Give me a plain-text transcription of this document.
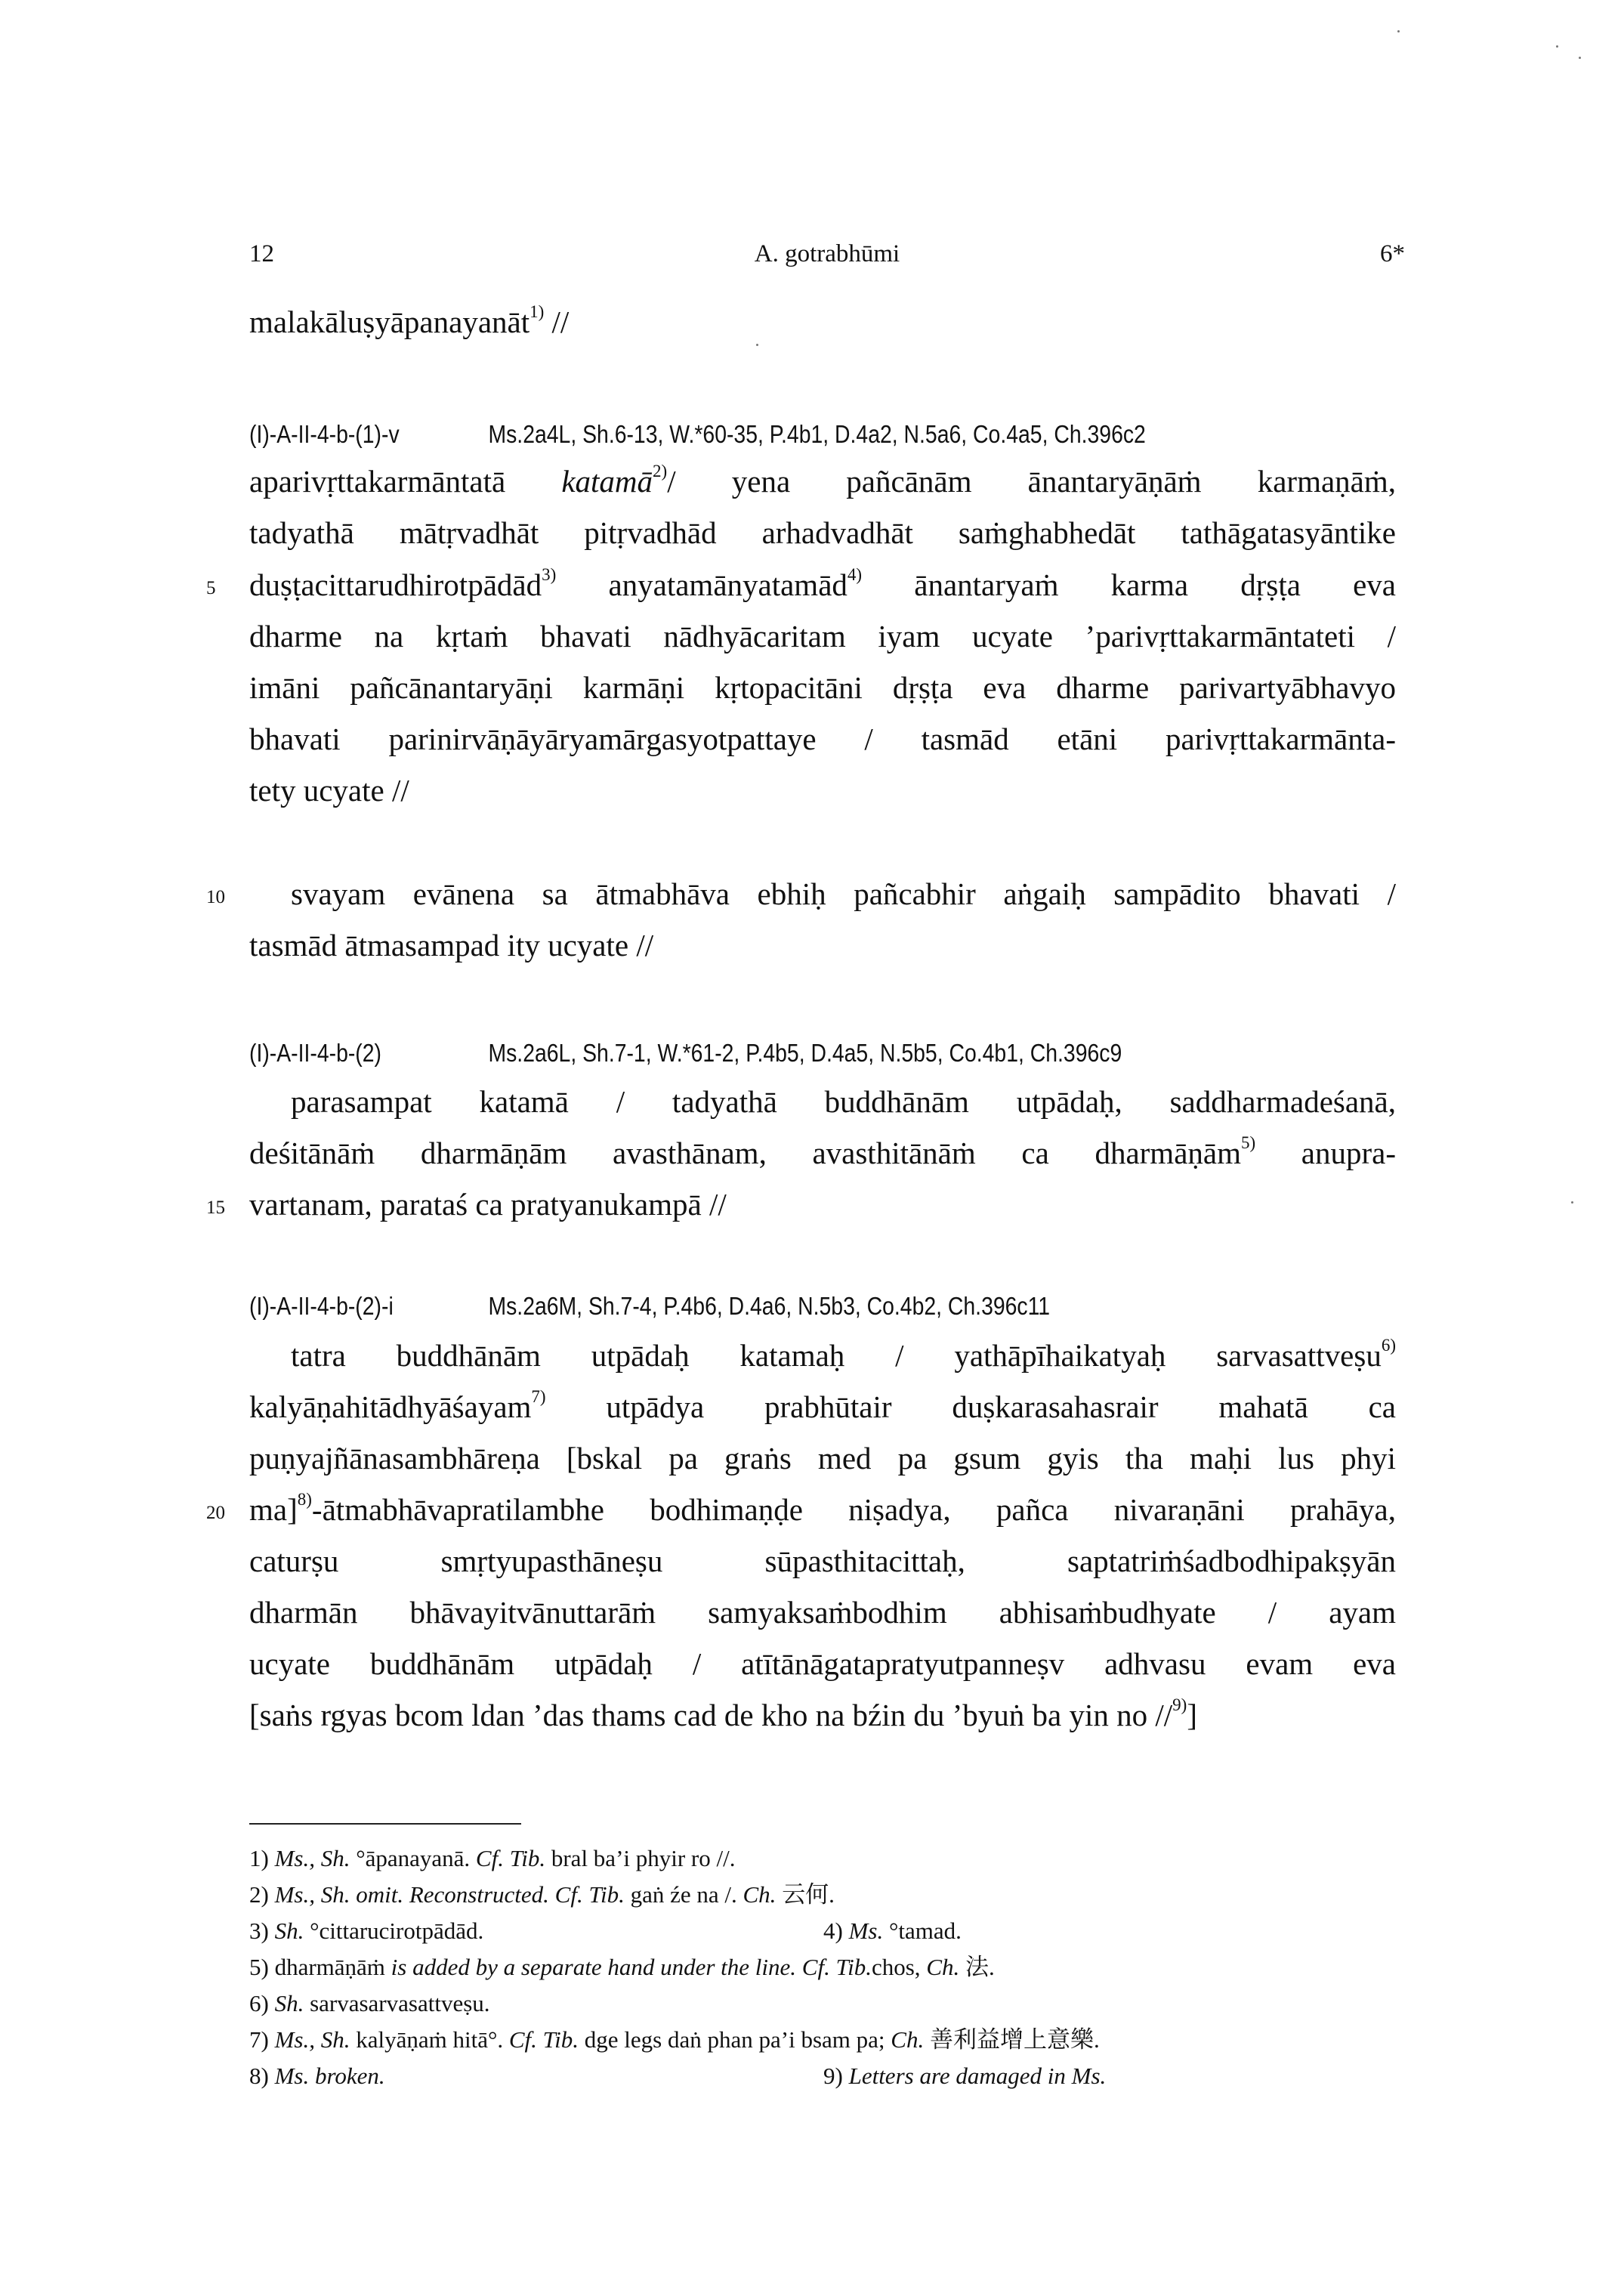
12	A. gotrabhūmi	6*
malakāluṣyāpanayanāt$^{1)}$ //
(I)-A-II-4-b-(1)-v	Ms.2a4L, Sh.6-13, W.*60-35, P.4b1, D.4a2, N.5a6, Co.4a5, Ch.396c2
aparivṛttakarmāntatā katamā$^{2)}$/ yena pañcānām ānantaryāṇāṁ karmaṇāṁ,
tadyathā mātṛvadhāt pitṛvadhād arhadvadhāt saṁghabhedāt tathāgatasyāntike
5 duṣṭacittarudhirotpādād$^{3)}$ anyatamānyatamād$^{4)}$ ānantaryaṁ karma dṛṣṭa eva
dharme na kṛtaṁ bhavati nādhyācaritam iyam ucyate ’parivṛttakarmāntateti /
imāni pañcānantaryāṇi karmāṇi kṛtopacitāni dṛṣṭa eva dharme parivartyābhavyo
bhavati parinirvāṇāyāryamārgasyotpattaye / tasmād etāni parivṛttakarmānta-
tety ucyate //
10 svayam evānena sa ātmabhāva ebhiḥ pañcabhir aṅgaiḥ sampādito bhavati /
tasmād ātmasampad ity ucyate //
(I)-A-II-4-b-(2)	Ms.2a6L, Sh.7-1, W.*61-2, P.4b5, D.4a5, N.5b5, Co.4b1, Ch.396c9
parasampat katamā / tadyathā buddhānām utpādaḥ, saddharmadeśanā,
deśitānāṁ dharmāṇām avasthānam, avasthitānāṁ ca dharmāṇām$^{5)}$ anupra-
15 vartanam, parataś ca pratyanukampā //
(I)-A-II-4-b-(2)-i	Ms.2a6M, Sh.7-4, P.4b6, D.4a6, N.5b3, Co.4b2, Ch.396c11
tatra buddhānām utpādaḥ katamaḥ / yathāpīhaikatyaḥ sarvasattveṣu$^{6)}$
kalyāṇahitādhyāśayam$^{7)}$ utpādya prabhūtair duṣkarasahasrair mahatā ca
puṇyajñānasambhāreṇa [bskal pa graṅs med pa gsum gyis tha maḥi lus phyi
20 ma]$^{8)}$-ātmabhāvapratilambhe bodhimaṇḍe niṣadya, pañca nivaraṇāni prahāya,
caturṣu smṛtyupasthāneṣu sūpasthitacittaḥ, saptatriṁśadbodhipakṣyān
dharmān bhāvayitvānuttarāṁ samyaksaṁbodhim abhisaṁbudhyate / ayam
ucyate buddhānām utpādaḥ / atītānāgatapratyutpanneṣv adhvasu evam eva
[saṅs rgyas bcom ldan ’das thams cad de kho na bźin du ’byuṅ ba yin no //$^{9)}$]
1) Ms., Sh. °āpanayanā. Cf. Tib. bral ba’i phyir ro //.
2) Ms., Sh. omit. Reconstructed. Cf. Tib. gaṅ źe na /. Ch. 云何.
3) Sh. °cittarucirotpādād.	4) Ms. °tamad.
5) dharmāṇāṁ is added by a separate hand under the line. Cf. Tib.chos, Ch. 法.
6) Sh. sarvasarvasattveṣu.
7) Ms., Sh. kalyāṇaṁ hitā°. Cf. Tib. dge legs daṅ phan pa’i bsam pa; Ch. 善利益增上意樂.
8) Ms. broken.	9) Letters are damaged in Ms.
